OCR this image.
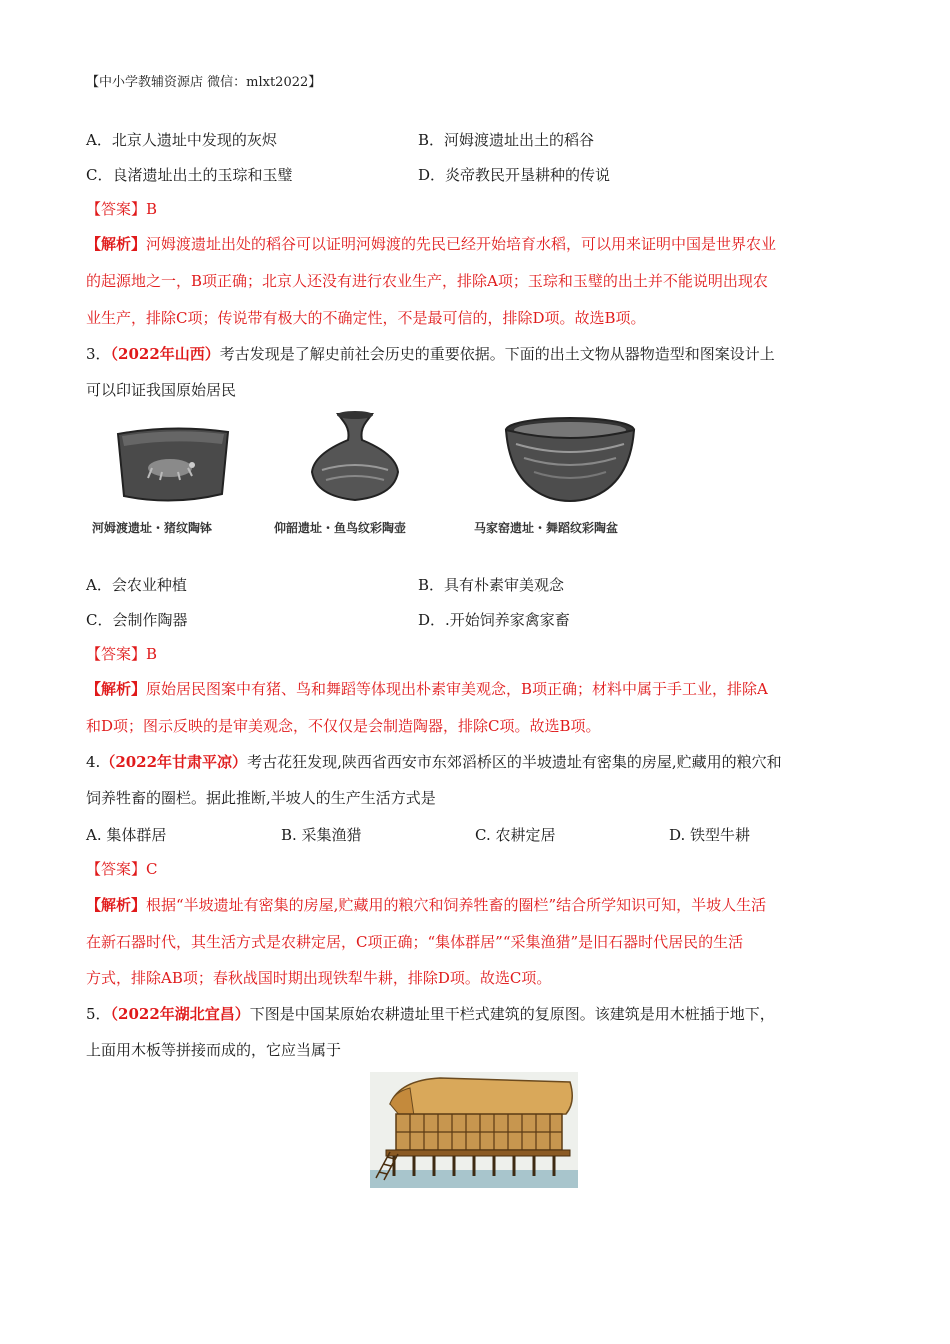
【中小学教辅资源店 微信：mlxt2022】
A．北京人遗址中发现的灰烬	B．河姆渡遗址出土的稻谷
C．良渚遗址出土的玉琮和玉璧	D．炎帝教民开垦耕种的传说
【答案】B
【解析】河姆渡遗址出处的稻谷可以证明河姆渡的先民已经开始培育水稻，可以用来证明中国是世界农业
的起源地之一，B项正确；北京人还没有进行农业生产，排除A项；玉琮和玉璧的出土并不能说明出现农
业生产，排除C项；传说带有极大的不确定性，不是最可信的，排除D项。故选B项。
3．（2022年山西）考古发现是了解史前社会历史的重要依据。下面的出土文物从器物造型和图案设计上
可以印证我国原始居民
河姆渡遗址・猪纹陶钵	仰韶遗址・鱼鸟纹彩陶壶	马家窑遗址・舞蹈纹彩陶盆
A．会农业种植	B．具有朴素审美观念
C．会制作陶器	D．.开始饲养家禽家畜
【答案】B
【解析】原始居民图案中有猪、鸟和舞蹈等体现出朴素审美观念，B项正确；材料中属于手工业，排除A
和D项；图示反映的是审美观念，不仅仅是会制造陶器，排除C项。故选B项。
4.（2022年甘肃平凉）考古花狂发现,陕西省西安市东郊滔桥区的半坡遗址有密集的房屋,贮藏用的粮穴和
饲养牲畜的圈栏。据此推断,半坡人的生产生活方式是
A. 集体群居	B. 采集渔猎	C. 农耕定居	D. 铁型牛耕
【答案】C
【解析】根据“半坡遗址有密集的房屋,贮藏用的粮穴和饲养牲畜的圈栏”结合所学知识可知，半坡人生活
在新石器时代，其生活方式是农耕定居，C项正确；“集体群居”“采集渔猎”是旧石器时代居民的生活
方式，排除AB项；春秋战国时期出现铁犁牛耕，排除D项。故选C项。
5．（2022年湖北宜昌）下图是中国某原始农耕遗址里干栏式建筑的复原图。该建筑是用木桩插于地下，
上面用木板等拼接而成的，它应当属于
